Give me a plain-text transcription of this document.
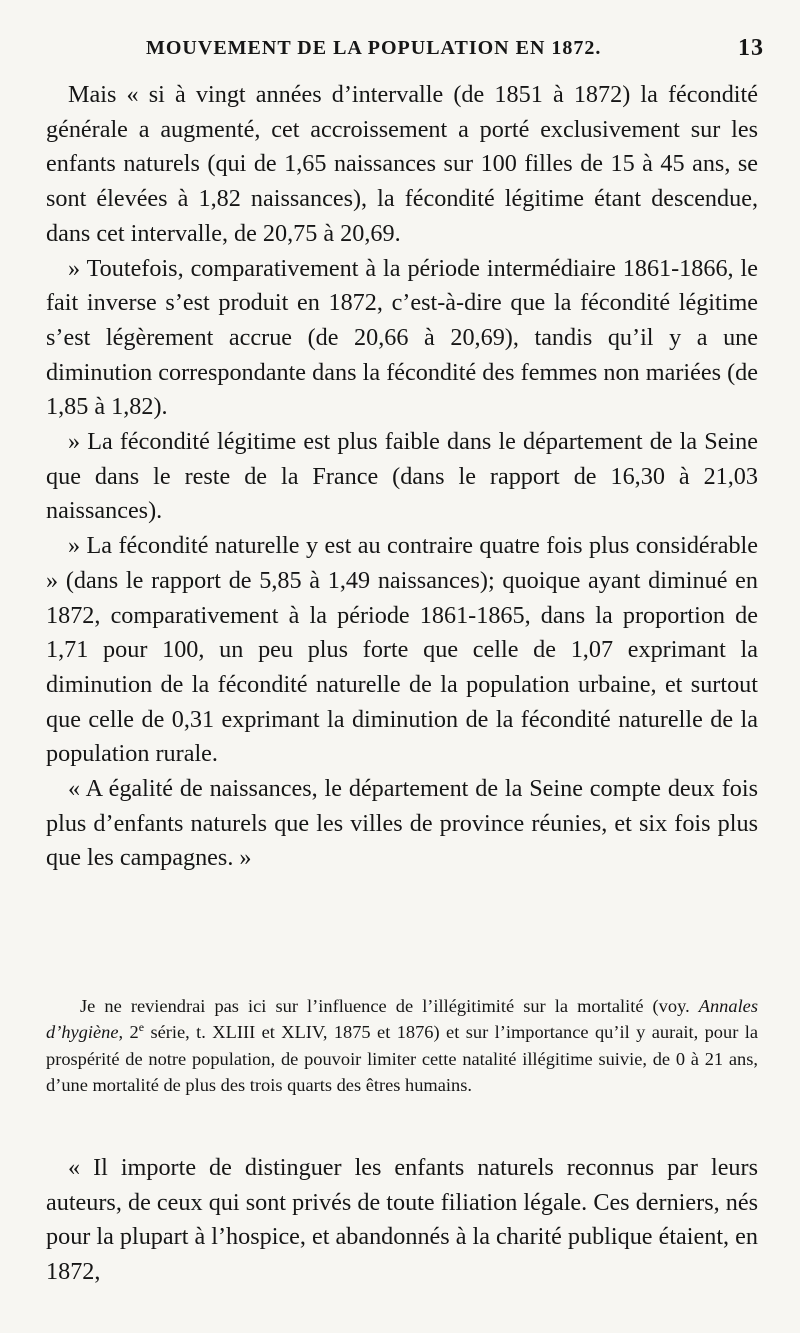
MOUVEMENT DE LA POPULATION EN 1872.	13

Mais « si à vingt années d’intervalle (de 1851 à 1872) la fécondité générale a augmenté, cet accroissement a porté exclusivement sur les enfants naturels (qui de 1,65 naissances sur 100 filles de 15 à 45 ans, se sont élevées à 1,82 naissances), la fécondité légitime étant descendue, dans cet intervalle, de 20,75 à 20,69.

» Toutefois, comparativement à la période intermédiaire 1861-1866, le fait inverse s’est produit en 1872, c’est-à-dire que la fécondité légitime s’est légèrement accrue (de 20,66 à 20,69), tandis qu’il y a une diminution correspondante dans la fécondité des femmes non mariées (de 1,85 à 1,82).

» La fécondité légitime est plus faible dans le département de la Seine que dans le reste de la France (dans le rapport de 16,30 à 21,03 naissances).

» La fécondité naturelle y est au contraire quatre fois plus considérable » (dans le rapport de 5,85 à 1,49 naissances); quoique ayant diminué en 1872, comparativement à la période 1861-1865, dans la proportion de 1,71 pour 100, un peu plus forte que celle de 1,07 exprimant la diminution de la fécondité naturelle de la population urbaine, et surtout que celle de 0,31 exprimant la diminution de la fécondité naturelle de la population rurale.

« A égalité de naissances, le département de la Seine compte deux fois plus d’enfants naturels que les villes de province réunies, et six fois plus que les campagnes. »

Je ne reviendrai pas ici sur l’influence de l’illégitimité sur la mortalité (voy. Annales d’hygiène, 2e série, t. XLIII et XLIV, 1875 et 1876) et sur l’importance qu’il y aurait, pour la prospérité de notre population, de pouvoir limiter cette natalité illégitime suivie, de 0 à 21 ans, d’une mortalité de plus des trois quarts des êtres humains.

« Il importe de distinguer les enfants naturels reconnus par leurs auteurs, de ceux qui sont privés de toute filiation légale. Ces derniers, nés pour la plupart à l’hospice, et abandonnés à la charité publique étaient, en 1872,
